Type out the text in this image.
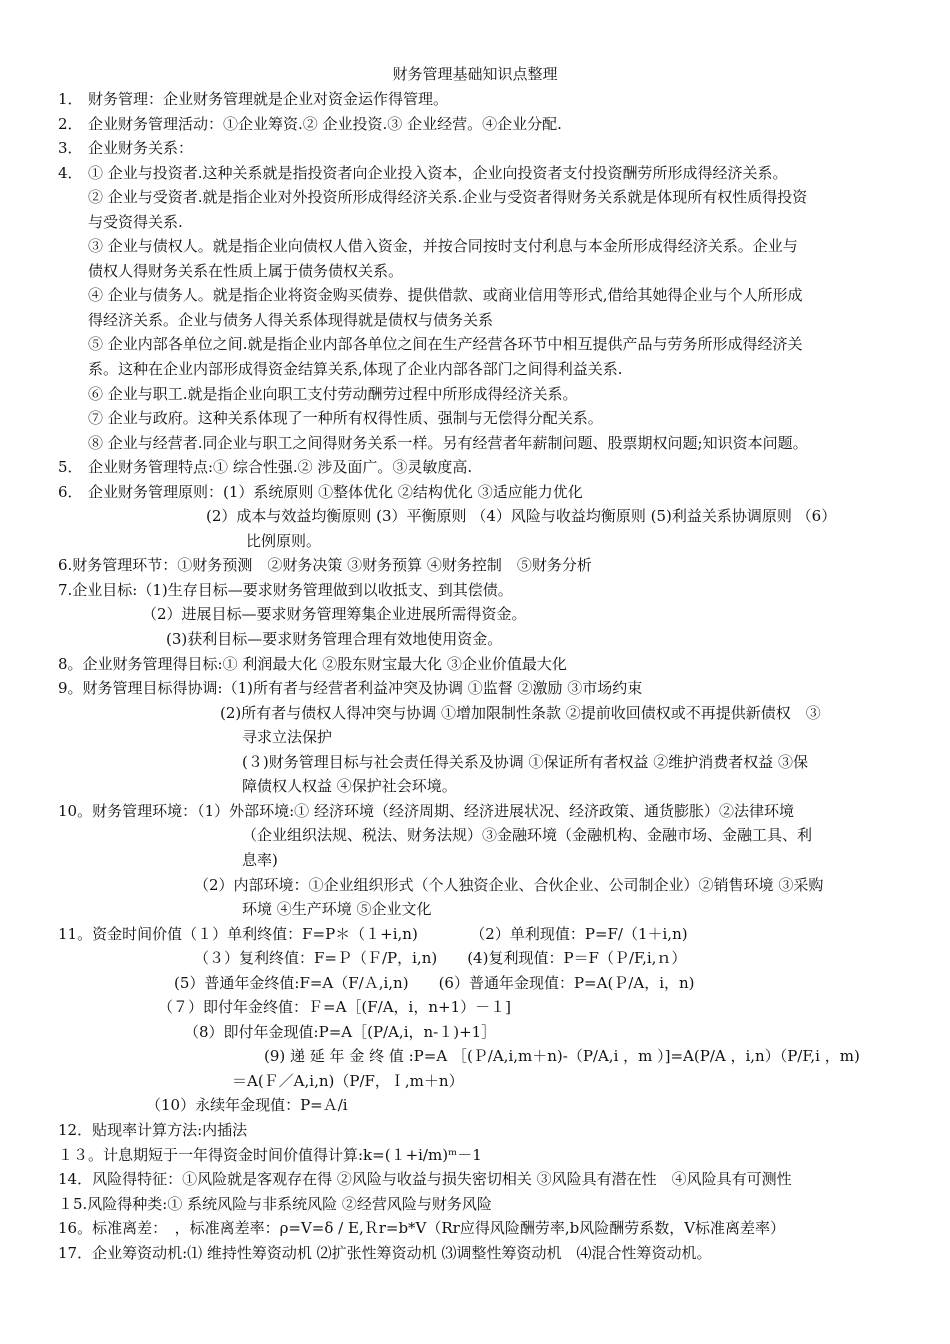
财务管理基础知识点整理
1． 财务管理：企业财务管理就是企业对资金运作得管理。
2． 企业财务管理活动：①企业筹资.② 企业投资.③ 企业经营。④企业分配.
3． 企业财务关系：
4． ① 企业与投资者.这种关系就是指投资者向企业投入资本，企业向投资者支付投资酬劳所形成得经济关系。
② 企业与受资者.就是指企业对外投资所形成得经济关系.企业与受资者得财务关系就是体现所有权性质得投资
与受资得关系.
③ 企业与债权人。就是指企业向债权人借入资金，并按合同按时支付利息与本金所形成得经济关系。企业与
债权人得财务关系在性质上属于债务债权关系。
④ 企业与债务人。就是指企业将资金购买债券、提供借款、或商业信用等形式,借给其她得企业与个人所形成
得经济关系。企业与债务人得关系体现得就是债权与债务关系
⑤ 企业内部各单位之间.就是指企业内部各单位之间在生产经营各环节中相互提供产品与劳务所形成得经济关
系。这种在企业内部形成得资金结算关系,体现了企业内部各部门之间得利益关系.
⑥ 企业与职工.就是指企业向职工支付劳动酬劳过程中所形成得经济关系。
⑦ 企业与政府。这种关系体现了一种所有权得性质、强制与无偿得分配关系。
⑧ 企业与经营者.同企业与职工之间得财务关系一样。另有经营者年薪制问题、股票期权问题;知识资本问题。
5． 企业财务管理特点:① 综合性强.② 涉及面广。③灵敏度高.
6． 企业财务管理原则：(1）系统原则 ①整体优化 ②结构优化 ③适应能力优化
(2）成本与效益均衡原则 (3）平衡原则 （4）风险与收益均衡原则 (5)利益关系协调原则 （6）
比例原则。
6.财务管理环节：①财务预测　②财务决策 ③财务预算 ④财务控制　⑤财务分析
7.企业目标:（1)生存目标—要求财务管理做到以收抵支、到其偿债。
（2）进展目标—要求财务管理筹集企业进展所需得资金。
(3)获利目标—要求财务管理合理有效地使用资金。
8。企业财务管理得目标:① 利润最大化 ②股东财宝最大化 ③企业价值最大化
9。财务管理目标得协调:（1)所有者与经营者利益冲突及协调 ①监督 ②激励 ③市场约束
(2)所有者与债权人得冲突与协调 ①增加限制性条款 ②提前收回债权或不再提供新债权　③
寻求立法保护
(３)财务管理目标与社会责任得关系及协调 ①保证所有者权益 ②维护消费者权益 ③保
障债权人权益 ④保护社会环境。
10。财务管理环境：（1）外部环境:① 经济环境（经济周期、经济进展状况、经济政策、通货膨胀）②法律环境
（企业组织法规、税法、财务法规）③金融环境（金融机构、金融市场、金融工具、利
息率)
（2）内部环境：①企业组织形式（个人独资企业、合伙企业、公司制企业）②销售环境 ③采购
环境 ④生产环境 ⑤企业文化
11。资金时间价值（１）单利终值：F=P＊（１+i,n)　　　　（2）单利现值：P=F/（1＋i,n)
（３）复利终值：F=Ｐ（Ｆ/P，i,n)　　(4)复利现值：P＝F（Ｐ/F,i,ｎ）
(5）普通年金终值:F=A（F/Ａ,i,n)　　(6）普通年金现值：P=A(Ｐ/A，i，n)
（７）即付年金终值：Ｆ=A［(F/A，i，n+1）－１]
（8）即付年金现值:P=A［(P/A,i，n-１)+1］
(9) 递 延 年 金 终 值 :P=A ［(Ｐ/A,i,m＋n)-（P/A,i ，m ）]=A(P/A ，i,n）（P/F,i ，m)
＝A(Ｆ／A,i,n)（P/F，Ｉ,m＋n）
（10）永续年金现值：P=Ａ/i
12．贴现率计算方法:内插法
１３。计息期短于一年得资金时间价值得计算:k=(１+i/m)ᵐ－1
14．风险得特征：①风险就是客观存在得 ②风险与收益与损失密切相关 ③风险具有潜在性　④风险具有可测性
１5.风险得种类:① 系统风险与非系统风险 ②经营风险与财务风险
16。标准离差：　，标准离差率：ρ=V=δ / E,Ｒr=b*V（Rr应得风险酬劳率,b风险酬劳系数，V标准离差率）
17．企业筹资动机:⑴ 维持性筹资动机 ⑵扩张性筹资动机 ⑶调整性筹资动机　⑷混合性筹资动机。
